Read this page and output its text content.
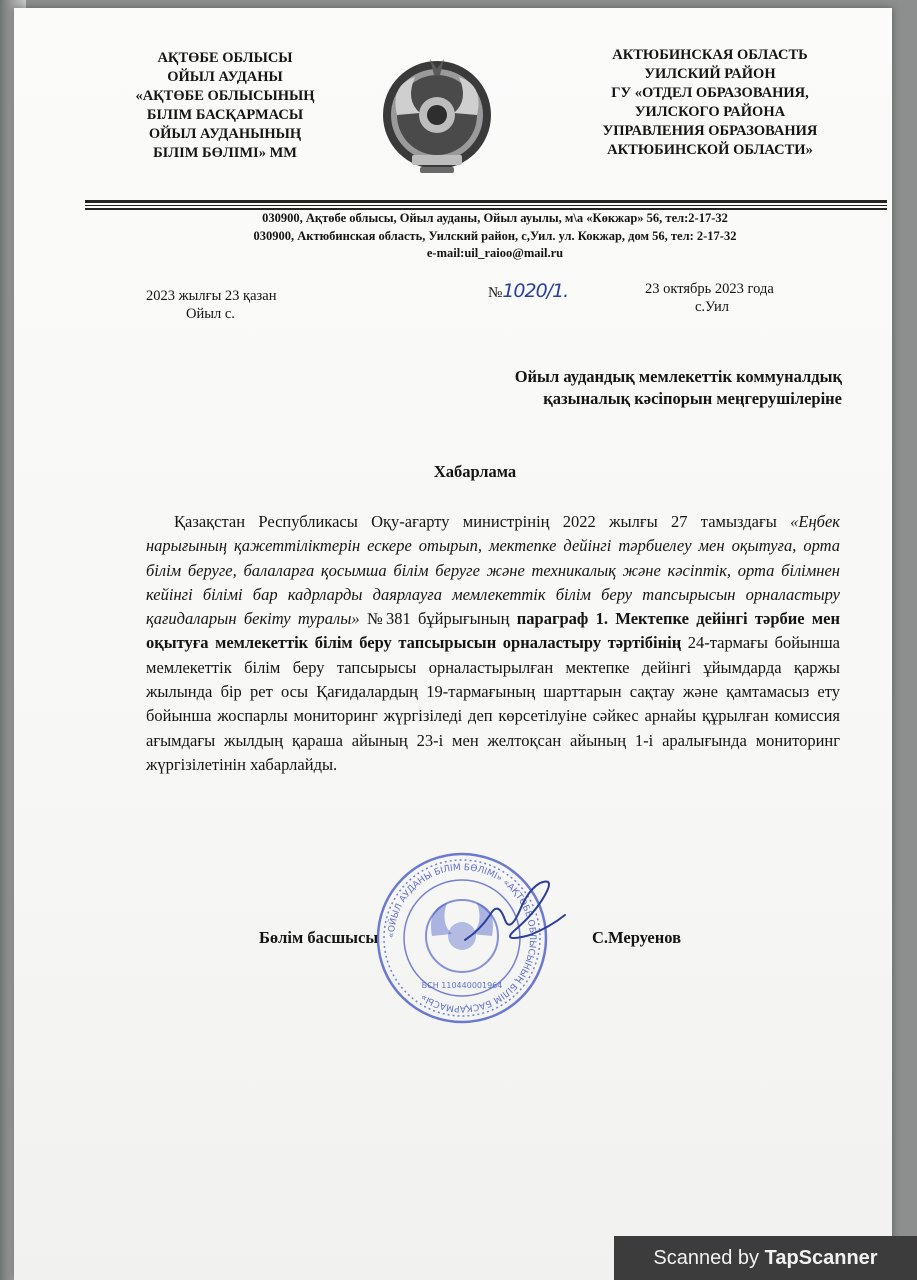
АҚТӨБЕ ОБЛЫСЫ
ОЙЫЛ АУДАНЫ
«АҚТӨБЕ ОБЛЫСЫНЫҢ
БІЛІМ БАСҚАРМАСЫ
ОЙЫЛ АУДАНЫНЫҢ
БІЛІМ БӨЛІМІ» ММ
АКТЮБИНСКАЯ ОБЛАСТЬ
УИЛСКИЙ РАЙОН
ГУ «ОТДЕЛ ОБРАЗОВАНИЯ,
УИЛСКОГО РАЙОНА
УПРАВЛЕНИЯ ОБРАЗОВАНИЯ
АКТЮБИНСКОЙ ОБЛАСТИ»
030900, Ақтөбе облысы, Ойыл ауданы, Ойыл ауылы, м\а «Көкжар» 56, тел:2-17-32
030900, Актюбинская область, Уилский район, с,Уил. ул. Кокжар, дом 56, тел: 2-17-32
e-mail:uil_raioo@mail.ru
2023 жылғы 23 қазан
Ойыл с.
№1020/1.	23 октябрь 2023 года
с.Уил
Ойыл аудандық мемлекеттік коммуналдық
қазыналық кәсіпорын меңгерушілеріне
Хабарлама
Қазақстан Республикасы Оқу-ағарту министрінің 2022 жылғы 27 тамыздағы «Еңбек нарығының қажеттіліктерін ескере отырып, мектепке дейінгі тәрбиелеу мен оқытуға, орта білім беруге, балаларға қосымша білім беруге және техникалық және кәсіптік, орта білімнен кейінгі білімі бар кадрларды даярлауға мемлекеттік білім беру тапсырысын орналастыру қағидаларын бекіту туралы» №381 бұйрығының параграф 1. Мектепке дейінгі тәрбие мен оқытуға мемлекеттік білім беру тапсырысын орналастыру тәртібінің 24-тармағы бойынша мемлекеттік білім беру тапсырысы орналастырылған мектепке дейінгі ұйымдарда қаржы жылында бір рет осы Қағидалардың 19-тармағының шарттарын сақтау және қамтамасыз ету бойынша жоспарлы мониторинг жүргізіледі деп көрсетілуіне сәйкес арнайы құрылған комиссия ағымдағы жылдың қараша айының 23-і мен желтоқсан айының 1-і аралығында мониторинг жүргізілетінін хабарлайды.
Бөлім басшысы	С.Меруенов
«ОЙЫЛ АУДАНЫ БІЛІМ БӨЛІМІ» «АҚТӨБЕ ОБЛЫСЫНЫҢ БІЛІМ БАСҚАРМАСЫ»
БСН 110440001964
Scanned by TapScanner
